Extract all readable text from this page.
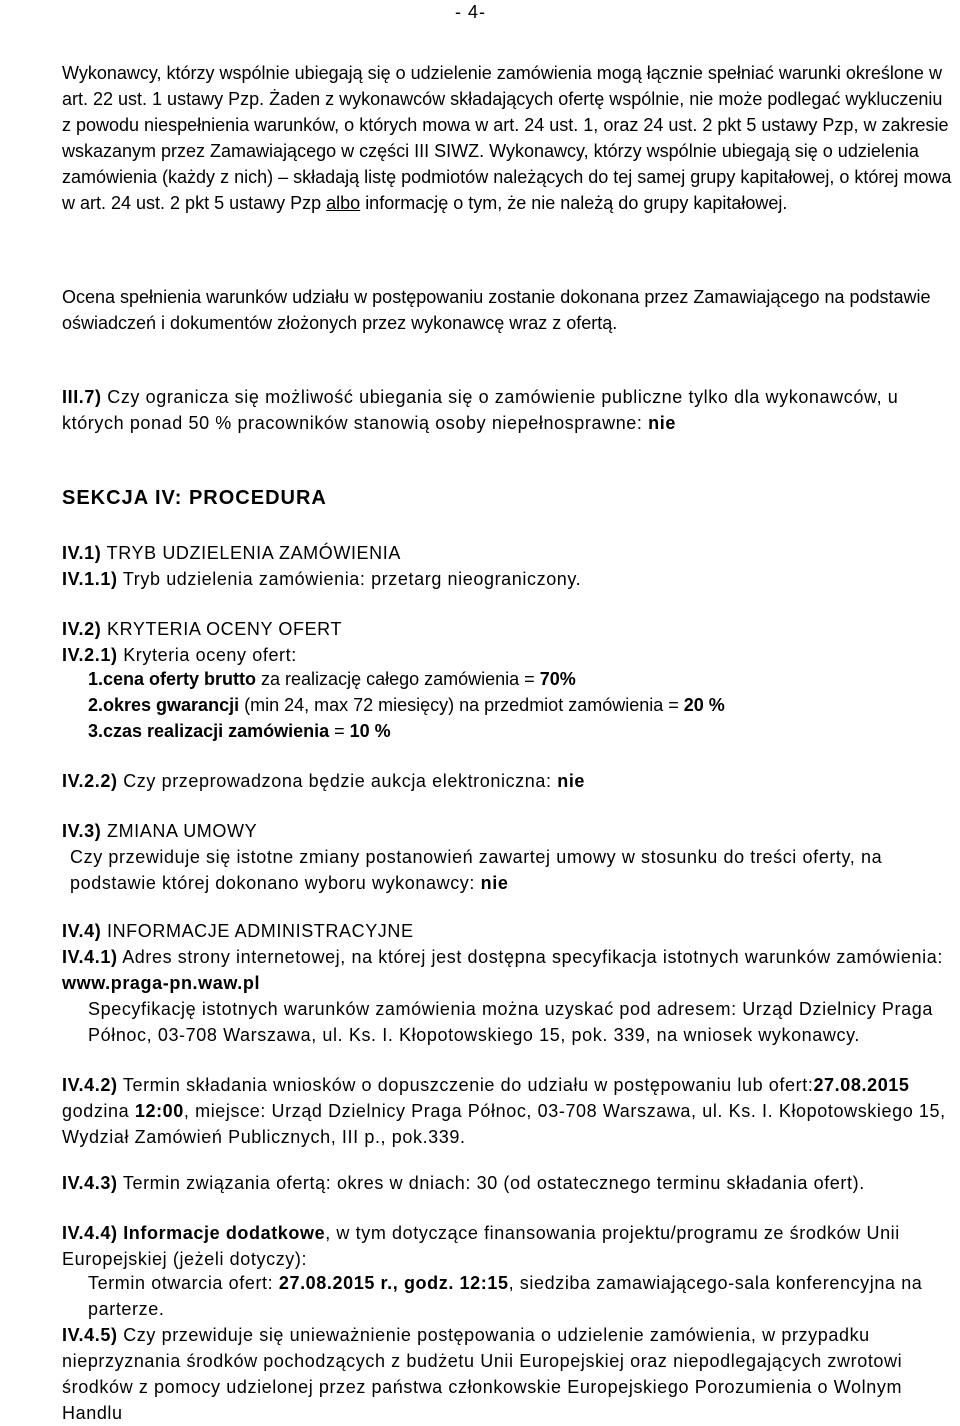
- 4-
Wykonawcy, którzy wspólnie ubiegają się o udzielenie zamówienia mogą łącznie spełniać warunki określone w art. 22 ust. 1 ustawy Pzp. Żaden z wykonawców składających ofertę wspólnie, nie może podlegać wykluczeniu z powodu niespełnienia warunków, o których mowa w art. 24 ust. 1, oraz 24 ust. 2 pkt 5 ustawy Pzp, w zakresie wskazanym przez Zamawiającego w części III SIWZ. Wykonawcy, którzy wspólnie ubiegają się o udzielenia zamówienia (każdy z nich) – składają listę podmiotów należących do tej samej grupy kapitałowej, o której mowa w art. 24 ust. 2 pkt 5 ustawy Pzp albo informację o tym, że nie należą do grupy kapitałowej.
Ocena spełnienia warunków udziału w postępowaniu zostanie dokonana przez Zamawiającego na podstawie oświadczeń i dokumentów złożonych przez wykonawcę wraz z ofertą.
III.7) Czy ogranicza się możliwość ubiegania się o zamówienie publiczne tylko dla wykonawców, u których ponad 50 % pracowników stanowią osoby niepełnosprawne: nie
SEKCJA IV: PROCEDURA
IV.1) TRYB UDZIELENIA ZAMÓWIENIA
IV.1.1) Tryb udzielenia zamówienia: przetarg nieograniczony.
IV.2) KRYTERIA OCENY OFERT
IV.2.1) Kryteria oceny ofert:
1.cena oferty brutto za realizację całego zamówienia = 70%
2.okres gwarancji (min 24, max 72 miesięcy) na przedmiot zamówienia = 20 %
3.czas realizacji zamówienia = 10 %
IV.2.2) Czy przeprowadzona będzie aukcja elektroniczna: nie
IV.3) ZMIANA UMOWY
Czy przewiduje się istotne zmiany postanowień zawartej umowy w stosunku do treści oferty, na podstawie której dokonano wyboru wykonawcy: nie
IV.4) INFORMACJE ADMINISTRACYJNE
IV.4.1) Adres strony internetowej, na której jest dostępna specyfikacja istotnych warunków zamówienia: www.praga-pn.waw.pl
Specyfikację istotnych warunków zamówienia można uzyskać pod adresem: Urząd Dzielnicy Praga Północ, 03-708 Warszawa, ul. Ks. I. Kłopotowskiego 15, pok. 339, na wniosek wykonawcy.
IV.4.2) Termin składania wniosków o dopuszczenie do udziału w postępowaniu lub ofert:27.08.2015 godzina 12:00, miejsce: Urząd Dzielnicy Praga Północ, 03-708 Warszawa, ul. Ks. I. Kłopotowskiego 15, Wydział Zamówień Publicznych, III p., pok.339.
IV.4.3) Termin związania ofertą: okres w dniach: 30 (od ostatecznego terminu składania ofert).
IV.4.4) Informacje dodatkowe, w tym dotyczące finansowania projektu/programu ze środków Unii Europejskiej (jeżeli dotyczy):
Termin otwarcia ofert: 27.08.2015 r., godz. 12:15, siedziba zamawiającego-sala konferencyjna na parterze.
IV.4.5) Czy przewiduje się unieważnienie postępowania o udzielenie zamówienia, w przypadku nieprzyznania środków pochodzących z budżetu Unii Europejskiej oraz niepodlegających zwrotowi środków z pomocy udzielonej przez państwa członkowskie Europejskiego Porozumienia o Wolnym Handlu
